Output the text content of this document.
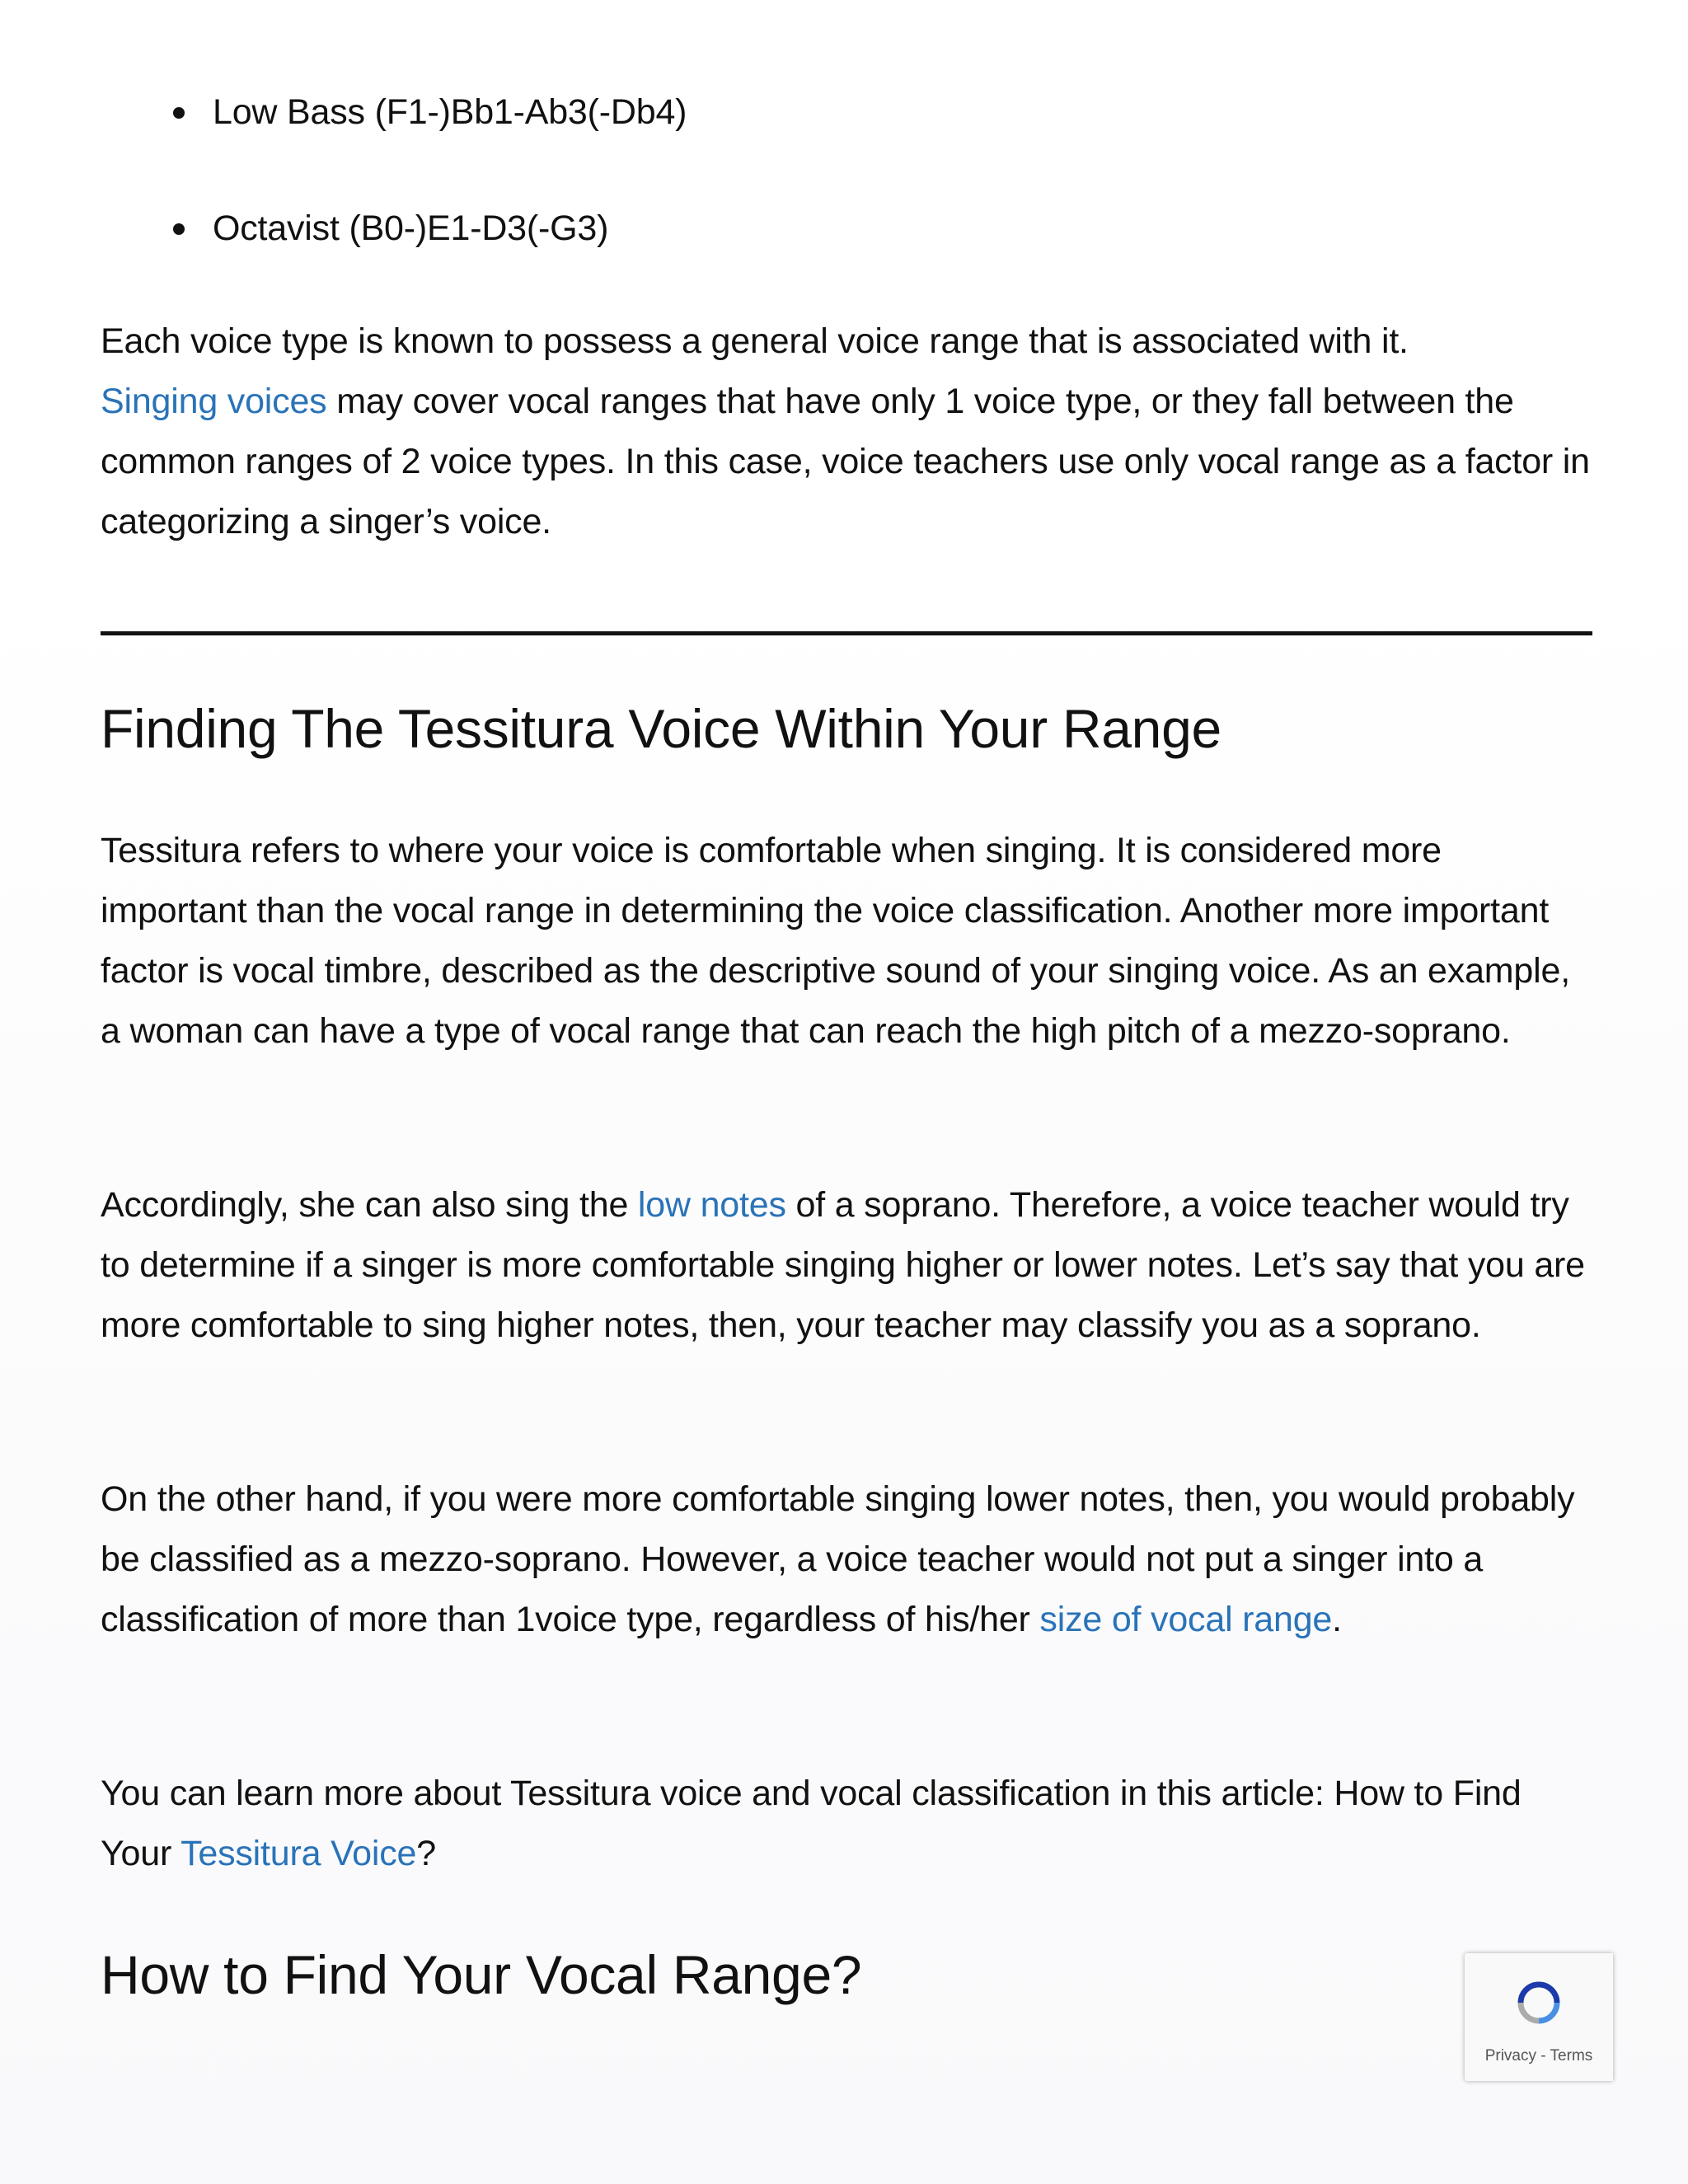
Low Bass (F1-)Bb1-Ab3(-Db4)
Octavist (B0-)E1-D3(-G3)

Each voice type is known to possess a general voice range that is associated with it.
Singing voices may cover vocal ranges that have only 1 voice type, or they fall between the common ranges of 2 voice types. In this case, voice teachers use only vocal range as a factor in categorizing a singer’s voice.

Finding The Tessitura Voice Within Your Range

Tessitura refers to where your voice is comfortable when singing. It is considered more important than the vocal range in determining the voice classification. Another more important factor is vocal timbre, described as the descriptive sound of your singing voice. As an example, a woman can have a type of vocal range that can reach the high pitch of a mezzo-soprano.

Accordingly, she can also sing the low notes of a soprano. Therefore, a voice teacher would try to determine if a singer is more comfortable singing higher or lower notes. Let’s say that you are more comfortable to sing higher notes, then, your teacher may classify you as a soprano.

On the other hand, if you were more comfortable singing lower notes, then, you would probably be classified as a mezzo-soprano. However, a voice teacher would not put a singer into a classification of more than 1voice type, regardless of his/her size of vocal range.

You can learn more about Tessitura voice and vocal classification in this article: How to Find Your Tessitura Voice?

How to Find Your Vocal Range?
Privacy - Terms
